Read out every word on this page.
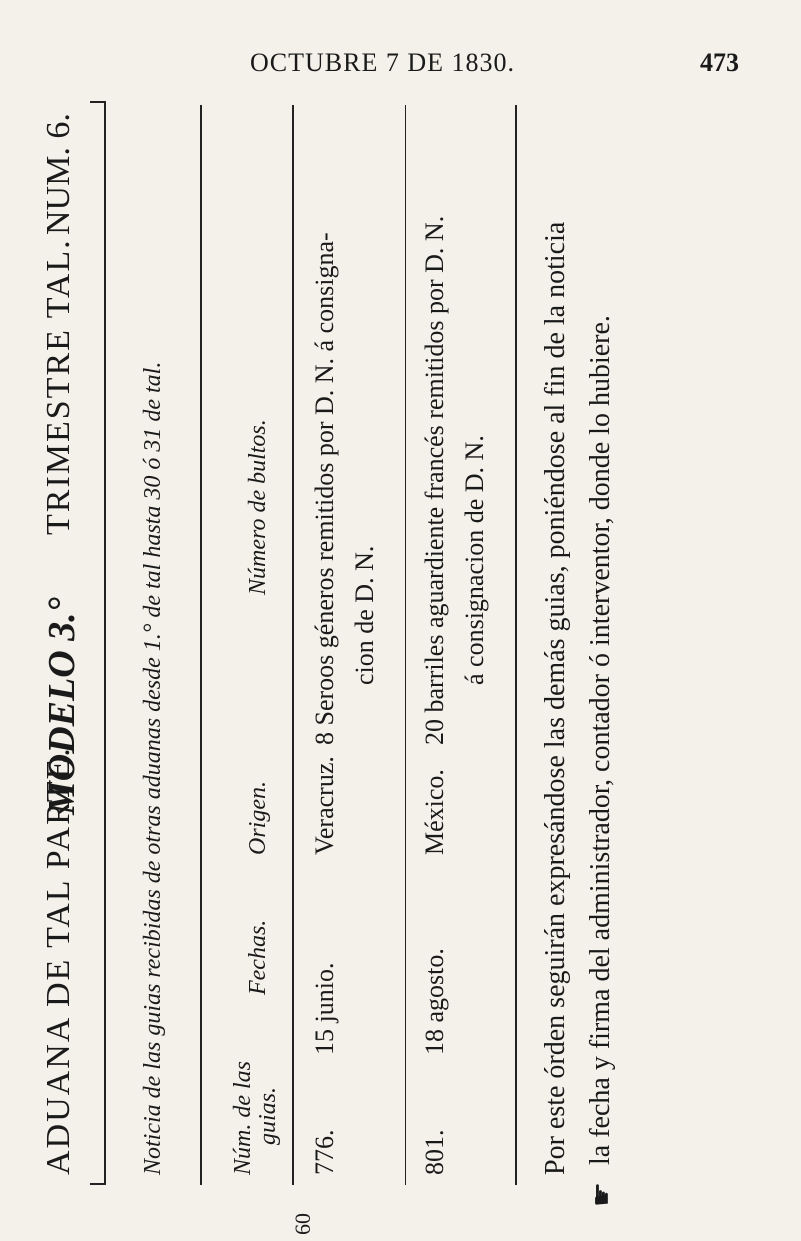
OCTUBRE 7 DE 1830.	473
ADUANA DE TAL PARTE.
MODELO 3.°
TRIMESTRE TAL.
NUM. 6.
Noticia de las guias recibidas de otras aduanas desde 1.° de tal hasta 30 ó 31 de tal.	Núm. de las guias.
Fechas.
Origen.
Número de bultos.
776.
15 junio.
Veracruz.
8 Seroos géneros remitidos por D. N. á consigna- cion de D. N.
801.
18 agosto.
México.
20 barriles aguardiente francés remitidos por D. N. á consignacion de D. N. Por este órden seguirán expresándose las demás guias, poniéndose al fin de la noticia la fecha y firma del administrador, contador ó interventor, donde lo hubiere.
☛
60
